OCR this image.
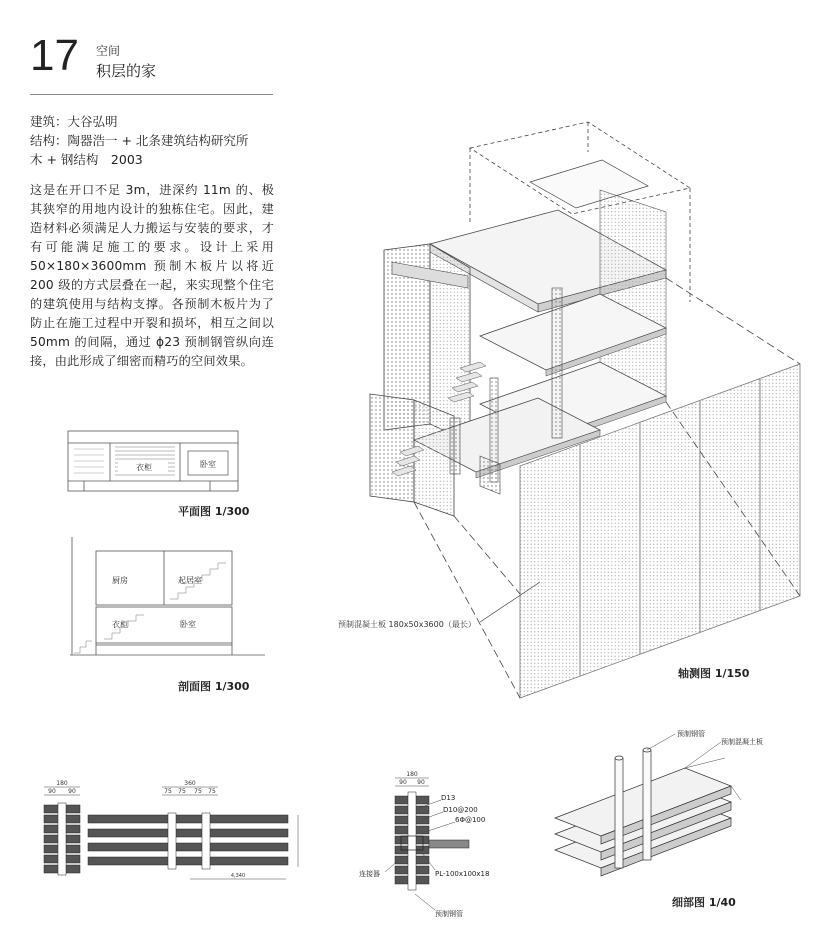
17 空间
积层的家
建筑：大谷弘明
结构：陶器浩一 + 北条建筑结构研究所
木 + 钢结构　2003
这是在开口不足 3m，进深约 11m 的、极其狭窄的用地内设计的独栋住宅。因此，建造材料必须满足人力搬运与安装的要求，才有可能满足施工的要求。设计上采用 50×180×3600mm 预制木板片以将近 200 级的方式层叠在一起，来实现整个住宅的建筑使用与结构支撑。各预制木板片为了防止在施工过程中开裂和损坏，相互之间以 50mm 的间隔，通过 ϕ23 预制钢管纵向连接，由此形成了细密而精巧的空间效果。
衣柜	卧室
平面图 1/300
厨房	起居室
衣柜	卧室
剖面图 1/300
预制混凝土板 180x50x3600（最长）
轴测图 1/150
180
90 90
360
75 75 75 75
4,340
180
90 90
D13
D10@200
6Φ@100
PL-100x100x18
连接器
预制钢管
预制钢管
预制混凝土板
细部图 1/40
